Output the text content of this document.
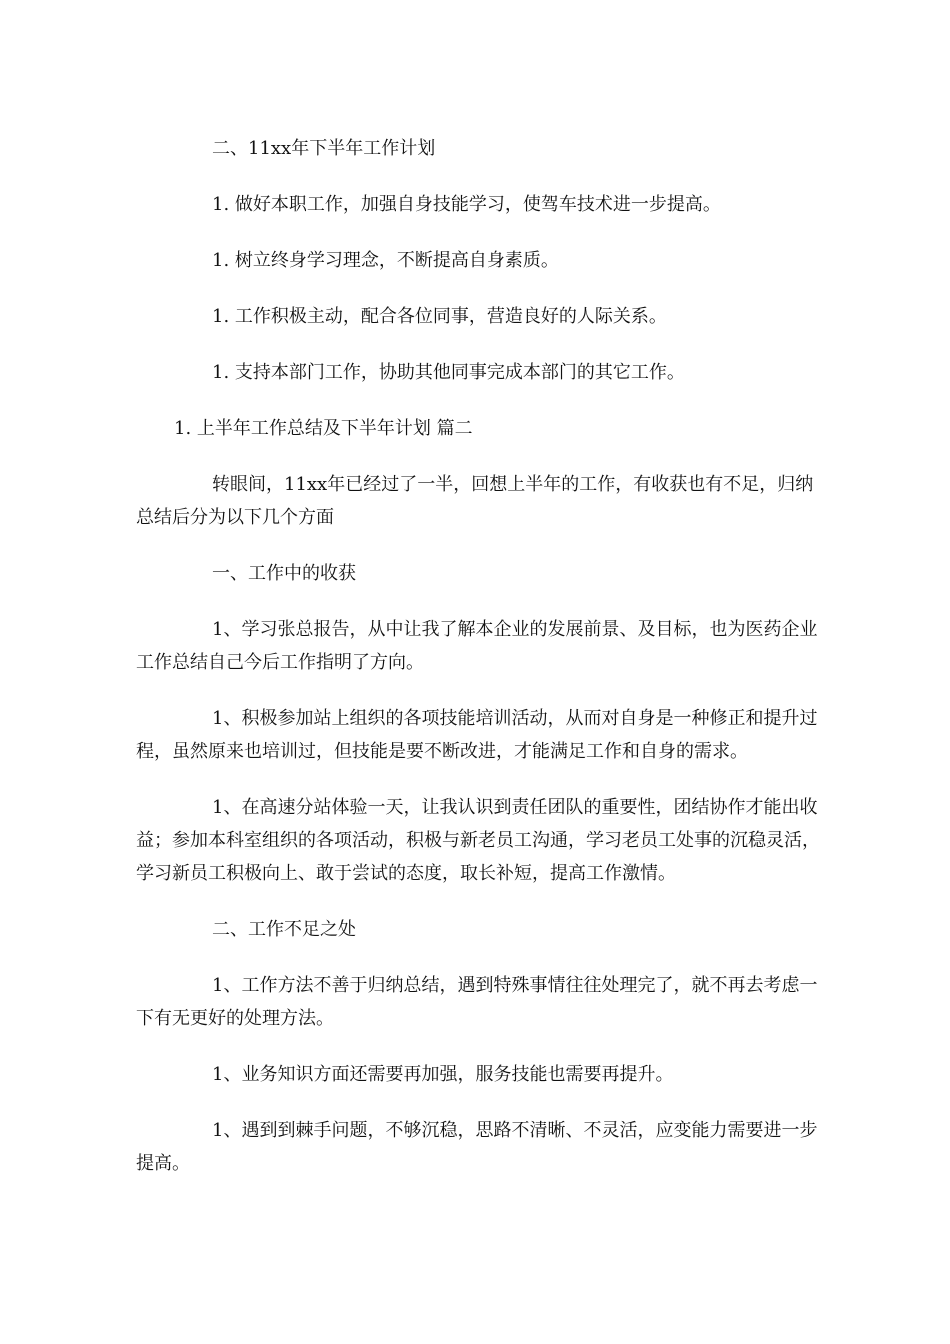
二、11xx年下半年工作计划

1. 做好本职工作，加强自身技能学习，使驾车技术进一步提高。

1. 树立终身学习理念，不断提高自身素质。

1. 工作积极主动，配合各位同事，营造良好的人际关系。

1. 支持本部门工作，协助其他同事完成本部门的其它工作。

1. 上半年工作总结及下半年计划 篇二

转眼间，11xx年已经过了一半，回想上半年的工作，有收获也有不足，归纳总结后分为以下几个方面

一、工作中的收获

1、学习张总报告，从中让我了解本企业的发展前景、及目标，也为医药企业工作总结自己今后工作指明了方向。

1、积极参加站上组织的各项技能培训活动，从而对自身是一种修正和提升过程，虽然原来也培训过，但技能是要不断改进，才能满足工作和自身的需求。

1、在高速分站体验一天，让我认识到责任团队的重要性，团结协作才能出收益；参加本科室组织的各项活动，积极与新老员工沟通，学习老员工处事的沉稳灵活，学习新员工积极向上、敢于尝试的态度，取长补短，提高工作激情。

二、工作不足之处

1、工作方法不善于归纳总结，遇到特殊事情往往处理完了，就不再去考虑一下有无更好的处理方法。

1、业务知识方面还需要再加强，服务技能也需要再提升。

1、遇到到棘手问题，不够沉稳，思路不清晰、不灵活，应变能力需要进一步提高。
